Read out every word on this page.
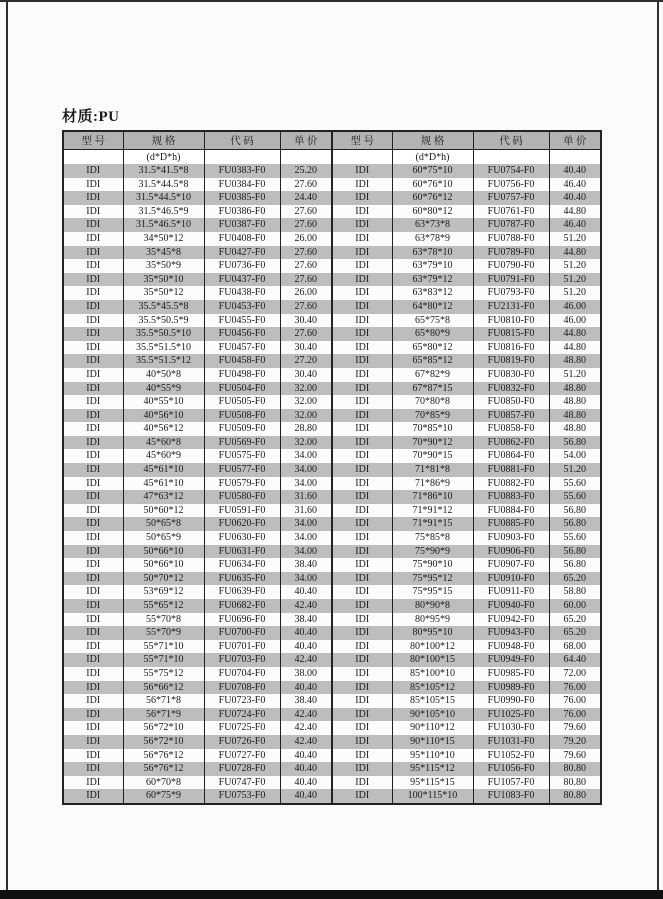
材质:PU
型 号	规 格	代 码	单 价	型 号	规 格	代 码	单 价
	(d*D*h)				(d*D*h)		
IDI	31.5*41.5*8	FU0383-F0	25.20	IDI	60*75*10	FU0754-F0	40.40
IDI	31.5*44.5*8	FU0384-F0	27.60	IDI	60*76*10	FU0756-F0	46.40
IDI	31.5*44.5*10	FU0385-F0	24.40	IDI	60*76*12	FU0757-F0	40.40
IDI	31.5*46.5*9	FU0386-F0	27.60	IDI	60*80*12	FU0761-F0	44.80
IDI	31.5*46.5*10	FU0387-F0	27.60	IDI	63*73*8	FU0787-F0	46.40
IDI	34*50*12	FU0408-F0	26.00	IDI	63*78*9	FU0788-F0	51.20
IDI	35*45*8	FU0427-F0	27.60	IDI	63*78*10	FU0789-F0	44.80
IDI	35*50*9	FU0736-F0	27.60	IDI	63*79*10	FU0790-F0	51.20
IDI	35*50*10	FU0437-F0	27.60	IDI	63*79*12	FU0791-F0	51.20
IDI	35*50*12	FU0438-F0	26.00	IDI	63*83*12	FU0793-F0	51.20
IDI	35.5*45.5*8	FU0453-F0	27.60	IDI	64*80*12	FU2131-F0	46.00
IDI	35.5*50.5*9	FU0455-F0	30.40	IDI	65*75*8	FU0810-F0	46.00
IDI	35.5*50.5*10	FU0456-F0	27.60	IDI	65*80*9	FU0815-F0	44.80
IDI	35.5*51.5*10	FU0457-F0	30.40	IDI	65*80*12	FU0816-F0	44.80
IDI	35.5*51.5*12	FU0458-F0	27.20	IDI	65*85*12	FU0819-F0	48.80
IDI	40*50*8	FU0498-F0	30.40	IDI	67*82*9	FU0830-F0	51.20
IDI	40*55*9	FU0504-F0	32.00	IDI	67*87*15	FU0832-F0	48.80
IDI	40*55*10	FU0505-F0	32.00	IDI	70*80*8	FU0850-F0	48.80
IDI	40*56*10	FU0508-F0	32.00	IDI	70*85*9	FU0857-F0	48.80
IDI	40*56*12	FU0509-F0	28.80	IDI	70*85*10	FU0858-F0	48.80
IDI	45*60*8	FU0569-F0	32.00	IDI	70*90*12	FU0862-F0	56.80
IDI	45*60*9	FU0575-F0	34.00	IDI	70*90*15	FU0864-F0	54.00
IDI	45*61*10	FU0577-F0	34.00	IDI	71*81*8	FU0881-F0	51.20
IDI	45*61*10	FU0579-F0	34.00	IDI	71*86*9	FU0882-F0	55.60
IDI	47*63*12	FU0580-F0	31.60	IDI	71*86*10	FU0883-F0	55.60
IDI	50*60*12	FU0591-F0	31.60	IDI	71*91*12	FU0884-F0	56.80
IDI	50*65*8	FU0620-F0	34.00	IDI	71*91*15	FU0885-F0	56.80
IDI	50*65*9	FU0630-F0	34.00	IDI	75*85*8	FU0903-F0	55.60
IDI	50*66*10	FU0631-F0	34.00	IDI	75*90*9	FU0906-F0	56.80
IDI	50*66*10	FU0634-F0	38.40	IDI	75*90*10	FU0907-F0	56.80
IDI	50*70*12	FU0635-F0	34.00	IDI	75*95*12	FU0910-F0	65.20
IDI	53*69*12	FU0639-F0	40.40	IDI	75*95*15	FU0911-F0	58.80
IDI	55*65*12	FU0682-F0	42.40	IDI	80*90*8	FU0940-F0	60.00
IDI	55*70*8	FU0696-F0	38.40	IDI	80*95*9	FU0942-F0	65.20
IDI	55*70*9	FU0700-F0	40.40	IDI	80*95*10	FU0943-F0	65.20
IDI	55*71*10	FU0701-F0	40.40	IDI	80*100*12	FU0948-F0	68.00
IDI	55*71*10	FU0703-F0	42.40	IDI	80*100*15	FU0949-F0	64.40
IDI	55*75*12	FU0704-F0	38.00	IDI	85*100*10	FU0985-F0	72.00
IDI	56*66*12	FU0708-F0	40.40	IDI	85*105*12	FU0989-F0	76.00
IDI	56*71*8	FU0723-F0	38.40	IDI	85*105*15	FU0990-F0	76.00
IDI	56*71*9	FU0724-F0	42.40	IDI	90*105*10	FU1025-F0	76.00
IDI	56*72*10	FU0725-F0	42.40	IDI	90*110*12	FU1030-F0	79.60
IDI	56*72*10	FU0726-F0	42.40	IDI	90*110*15	FU1031-F0	79.20
IDI	56*76*12	FU0727-F0	40.40	IDI	95*110*10	FU1052-F0	79.60
IDI	56*76*12	FU0728-F0	40.40	IDI	95*115*12	FU1056-F0	80.80
IDI	60*70*8	FU0747-F0	40.40	IDI	95*115*15	FU1057-F0	80.80
IDI	60*75*9	FU0753-F0	40.40	IDI	100*115*10	FU1083-F0	80.80
